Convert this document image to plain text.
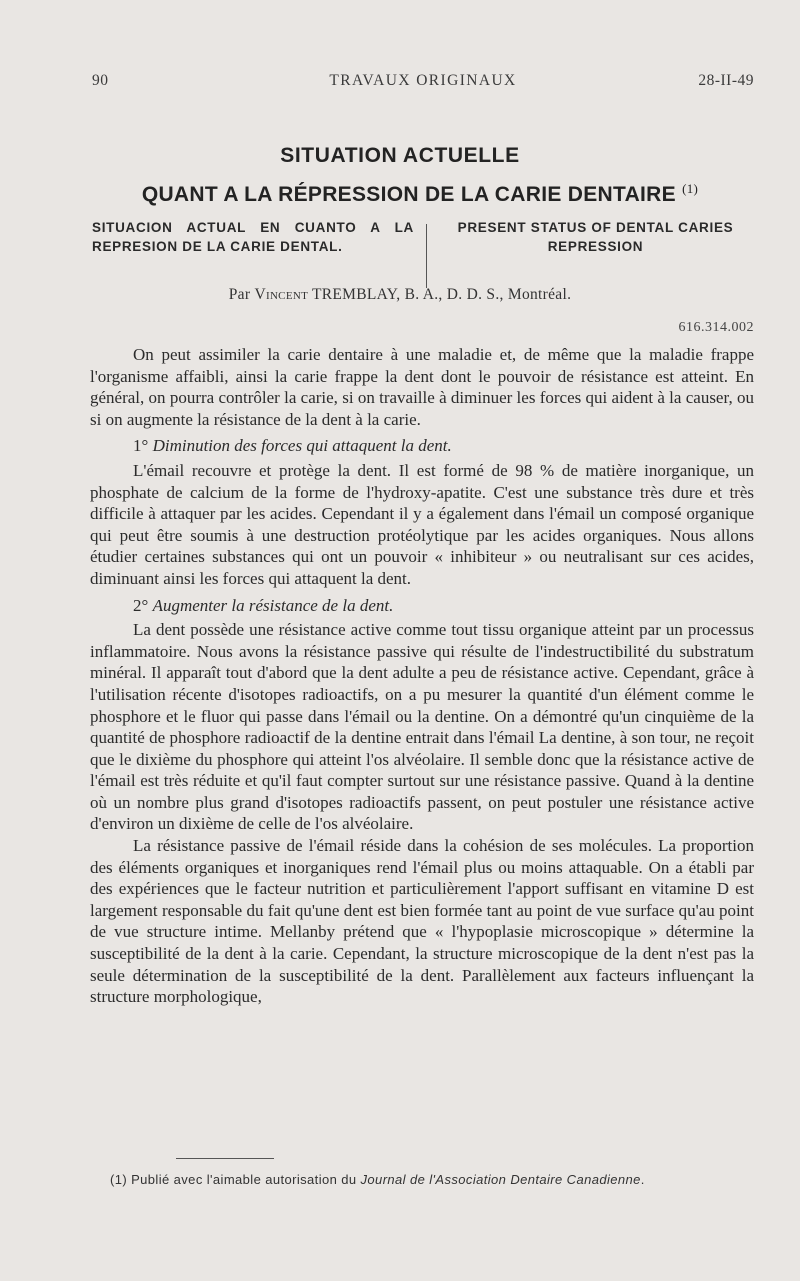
90	TRAVAUX ORIGINAUX	28-II-49
SITUATION ACTUELLE
QUANT A LA RÉPRESSION DE LA CARIE DENTAIRE $^{(1)}$
SITUACION ACTUAL EN CUANTO A LA REPRESION DE LA CARIE DENTAL.
PRESENT STATUS OF DENTAL CARIES REPRESSION
Par Vincent TREMBLAY, B. A., D. D. S., Montréal.
616.314.002

On peut assimiler la carie dentaire à une maladie et, de même que la maladie frappe l'organisme affaibli, ainsi la carie frappe la dent dont le pouvoir de résistance est atteint. En général, on pourra contrôler la carie, si on travaille à diminuer les forces qui aident à la causer, ou si on augmente la résistance de la dent à la carie.

1° Diminution des forces qui attaquent la dent.

L'émail recouvre et protège la dent. Il est formé de 98 % de matière inorganique, un phosphate de calcium de la forme de l'hydroxy-apatite. C'est une substance très dure et très difficile à attaquer par les acides. Cependant il y a également dans l'émail un composé organique qui peut être soumis à une destruction protéolytique par les acides organiques. Nous allons étudier certaines substances qui ont un pouvoir « inhibiteur » ou neutralisant sur ces acides, diminuant ainsi les forces qui attaquent la dent.

2° Augmenter la résistance de la dent.

La dent possède une résistance active comme tout tissu organique atteint par un processus inflammatoire. Nous avons la résistance passive qui résulte de l'indestructibilité du substratum minéral. Il apparaît tout d'abord que la dent adulte a peu de résistance active. Cependant, grâce à l'utilisation récente d'isotopes radioactifs, on a pu mesurer la quantité d'un élément comme le phosphore et le fluor qui passe dans l'émail ou la dentine. On a démontré qu'un cinquième de la quantité de phosphore radioactif de la dentine entrait dans l'émail La dentine, à son tour, ne reçoit que le dixième du phosphore qui atteint l'os alvéolaire. Il semble donc que la résistance active de l'émail est très réduite et qu'il faut compter surtout sur une résistance passive. Quand à la dentine où un nombre plus grand d'isotopes radioactifs passent, on peut postuler une résistance active d'environ un dixième de celle de l'os alvéolaire.

La résistance passive de l'émail réside dans la cohésion de ses molécules. La proportion des éléments organiques et inorganiques rend l'émail plus ou moins attaquable. On a établi par des expériences que le facteur nutrition et particulièrement l'apport suffisant en vitamine D est largement responsable du fait qu'une dent est bien formée tant au point de vue surface qu'au point de vue structure intime. Mellanby prétend que « l'hypoplasie microscopique » détermine la susceptibilité de la dent à la carie. Cependant, la structure microscopique de la dent n'est pas la seule détermination de la susceptibilité de la dent. Parallèlement aux facteurs influençant la structure morphologique,

(1) Publié avec l'aimable autorisation du Journal de l'Association Dentaire Canadienne.
